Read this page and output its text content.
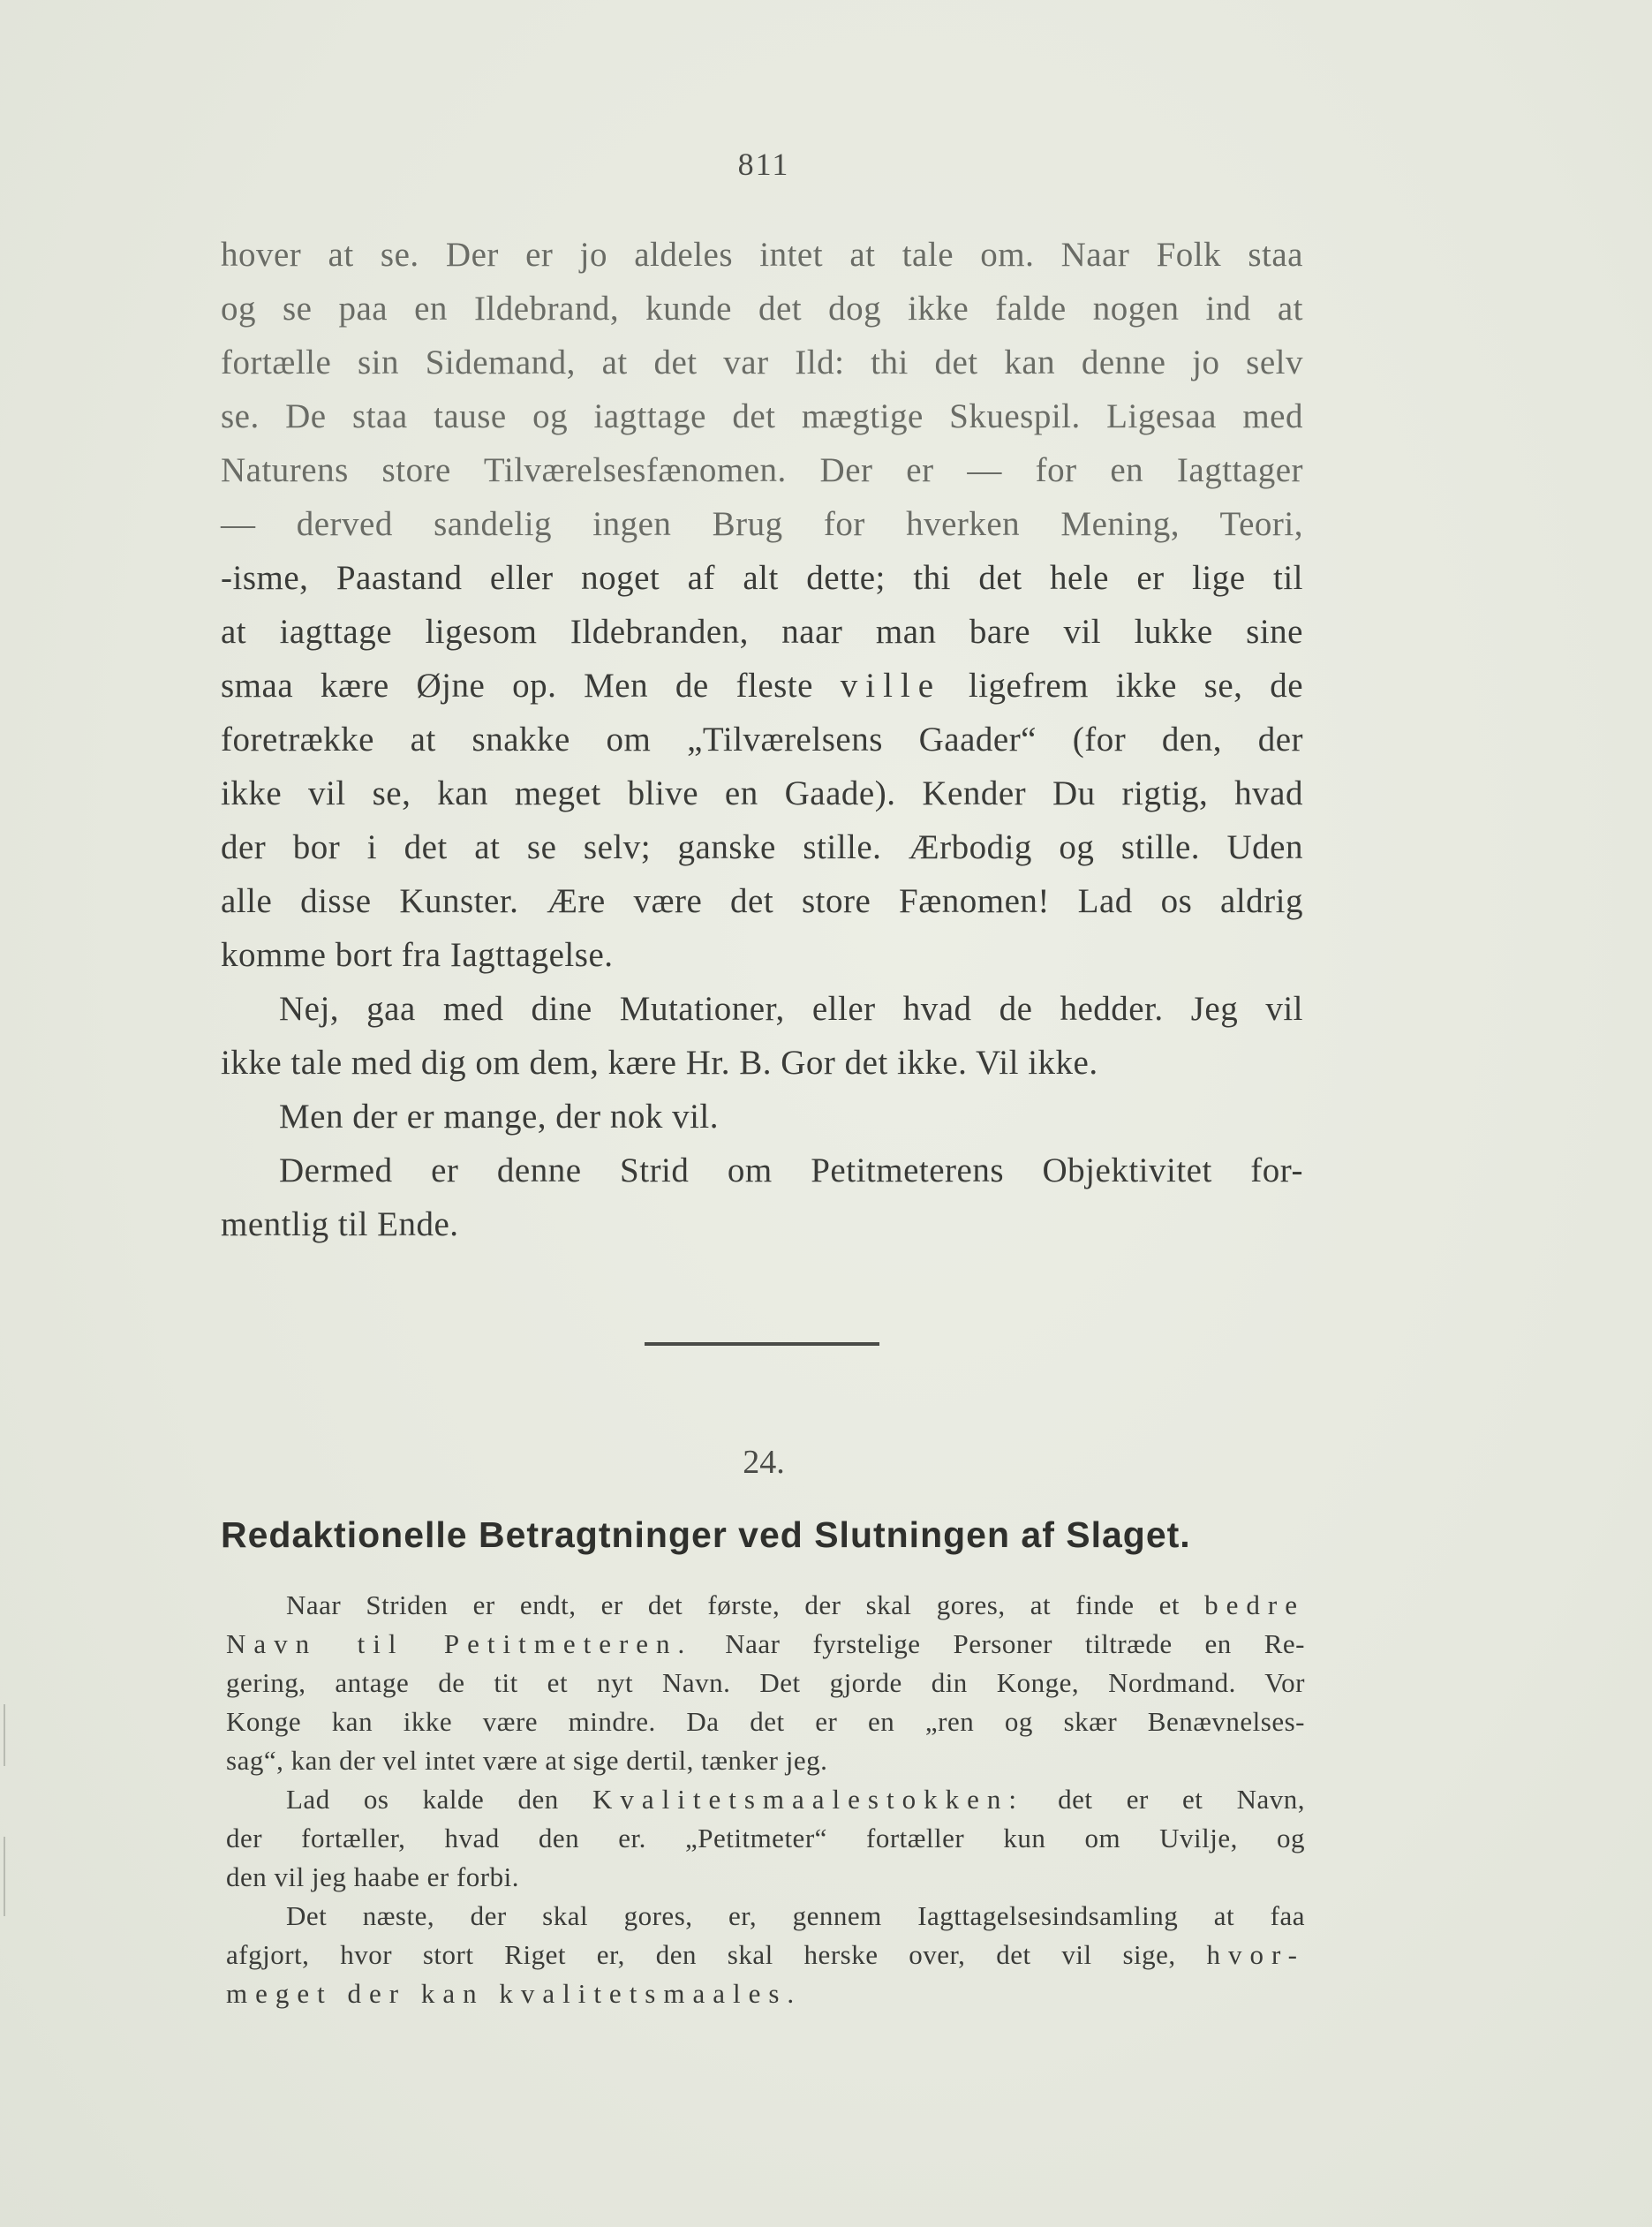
811

hover at se. Der er jo aldeles intet at tale om. Naar Folk staa

og se paa en Ildebrand, kunde det dog ikke falde nogen ind at

fortælle sin Sidemand, at det var Ild: thi det kan denne jo selv

se. De staa tause og iagttage det mægtige Skuespil. Ligesaa med

Naturens store Tilværelsesfænomen. Der er — for en Iagttager

— derved sandelig ingen Brug for hverken Mening, Teori,

-isme, Paastand eller noget af alt dette; thi det hele er lige til

at iagttage ligesom Ildebranden, naar man bare vil lukke sine

smaa kære Øjne op. Men de fleste ville ligefrem ikke se, de

foretrække at snakke om „Tilværelsens Gaader“ (for den, der

ikke vil se, kan meget blive en Gaade). Kender Du rigtig, hvad

der bor i det at se selv; ganske stille. Ærbodig og stille. Uden

alle disse Kunster. Ære være det store Fænomen! Lad os aldrig

komme bort fra Iagttagelse.

Nej, gaa med dine Mutationer, eller hvad de hedder. Jeg vil

ikke tale med dig om dem, kære Hr. B. Gor det ikke. Vil ikke.

Men der er mange, der nok vil.

Dermed er denne Strid om Petitmeterens Objektivitet for-

mentlig til Ende.

24.
Redaktionelle Betragtninger ved Slutningen af Slaget.

Naar Striden er endt, er det første, der skal gores, at finde et bedre

Navn til Petitmeteren. Naar fyrstelige Personer tiltræde en Re-

gering, antage de tit et nyt Navn. Det gjorde din Konge, Nordmand. Vor

Konge kan ikke være mindre. Da det er en „ren og skær Benævnelses-

sag“, kan der vel intet være at sige dertil, tænker jeg.

Lad os kalde den Kvalitetsmaalestokken: det er et Navn,

der fortæller, hvad den er. „Petitmeter“ fortæller kun om Uvilje, og

den vil jeg haabe er forbi.

Det næste, der skal gores, er, gennem Iagttagelsesindsamling at faa

afgjort, hvor stort Riget er, den skal herske over, det vil sige, hvor-

meget der kan kvalitetsmaales.
